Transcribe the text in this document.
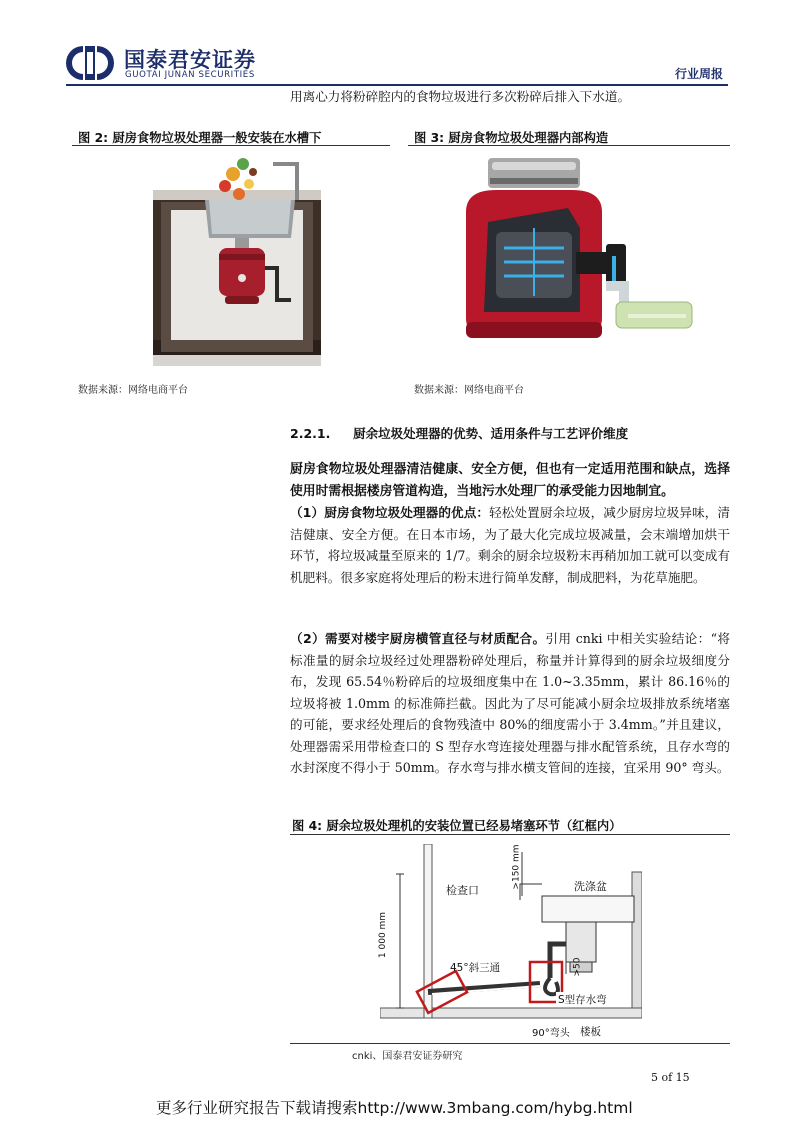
国泰君安证券
GUOTAI JUNAN SECURITIES	行业周报
用离心力将粉碎腔内的食物垃圾进行多次粉碎后排入下水道。
图 2: 厨房食物垃圾处理器一般安装在水槽下
数据来源：网络电商平台
图 3: 厨房食物垃圾处理器内部构造
数据来源：网络电商平台
2.2.1. 厨余垃圾处理器的优势、适用条件与工艺评价维度
厨房食物垃圾处理器清洁健康、安全方便，但也有一定适用范围和缺点，选择使用时需根据楼房管道构造，当地污水处理厂的承受能力因地制宜。
（1）厨房食物垃圾处理器的优点：轻松处置厨余垃圾，减少厨房垃圾异味，清洁健康、安全方便。在日本市场，为了最大化完成垃圾减量，会末端增加烘干环节，将垃圾减量至原来的 1/7。剩余的厨余垃圾粉末再稍加加工就可以变成有机肥料。很多家庭将处理后的粉末进行简单发酵，制成肥料，为花草施肥。
（2）需要对楼宇厨房横管直径与材质配合。引用 cnki 中相关实验结论：“将标准量的厨余垃圾经过处理器粉碎处理后，称量并计算得到的厨余垃圾细度分布，发现 65.54％粉碎后的垃圾细度集中在 1.0~3.35mm，累计 86.16％的垃圾将被 1.0mm 的标准筛拦截。因此为了尽可能减小厨余垃圾排放系统堵塞的可能，要求经处理后的食物残渣中 80%的细度需小于 3.4mm。”并且建议，处理器需采用带检查口的 S 型存水弯连接处理器与排水配管系统，且存水弯的水封深度不得小于 50mm。存水弯与排水横支管间的连接，宜采用 90° 弯头。
图 4: 厨余垃圾处理机的安装位置已经易堵塞环节（红框内）
检查口
1 000 mm
洗涤盆
>150 mm
45°斜三通	>50
S型存水弯
90°弯头 楼板
cnki、国泰君安证券研究
5 of 15
更多行业研究报告下载请搜索http://www.3mbang.com/hybg.html
